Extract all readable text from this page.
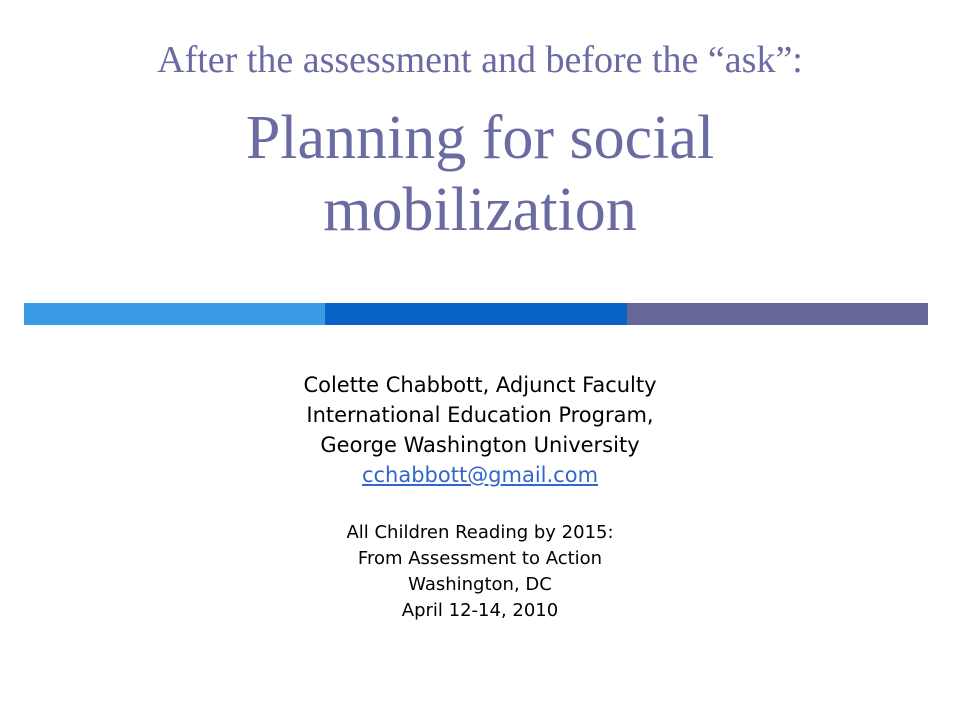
After the assessment and before the “ask”:
Planning for social
mobilization
Colette Chabbott, Adjunct Faculty
International Education Program,
George Washington University
cchabbott@gmail.com
All Children Reading by 2015:
From Assessment to Action
Washington, DC
April 12-14, 2010
